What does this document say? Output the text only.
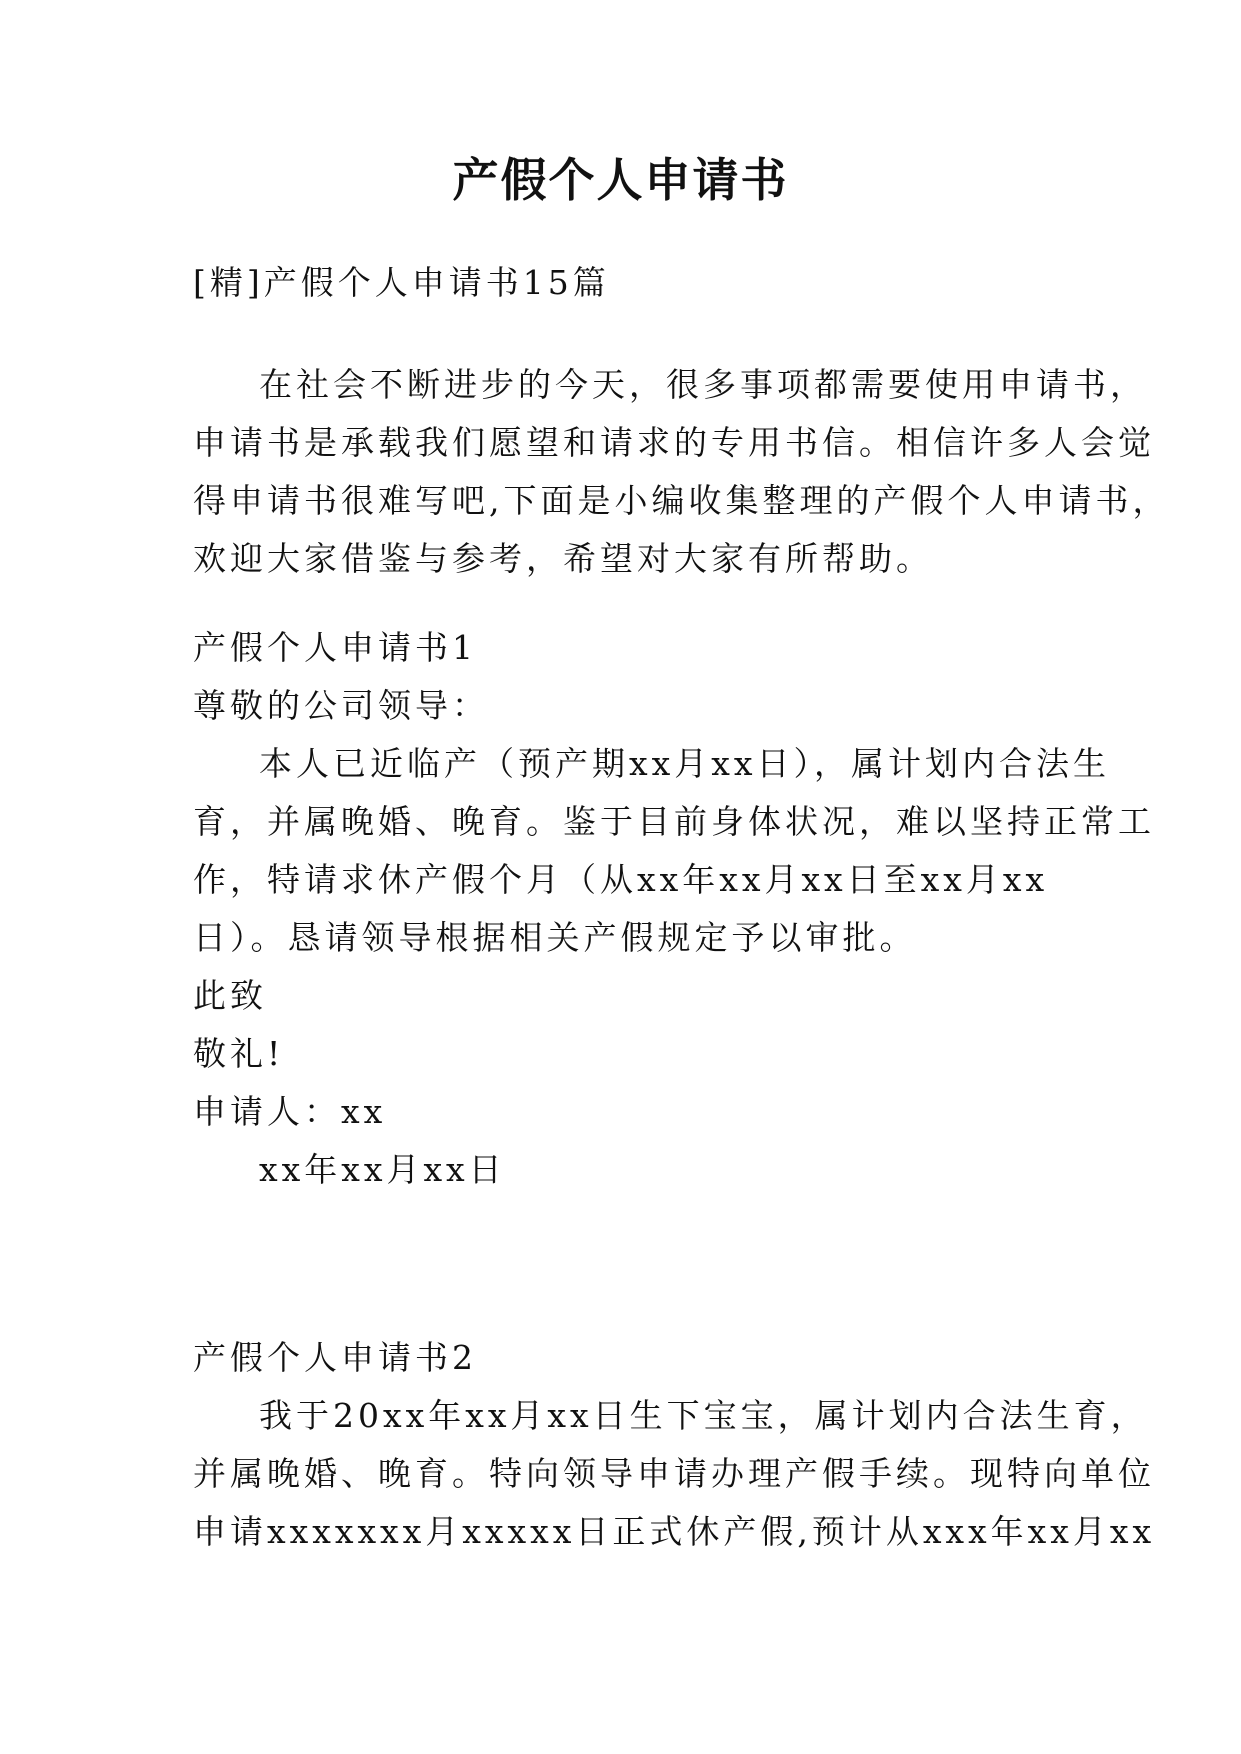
产假个人申请书
[精]产假个人申请书15篇
在社会不断进步的今天，很多事项都需要使用申请书，
申请书是承载我们愿望和请求的专用书信。相信许多人会觉
得申请书很难写吧,下面是小编收集整理的产假个人申请书，
欢迎大家借鉴与参考，希望对大家有所帮助。
产假个人申请书1
尊敬的公司领导：
本人已近临产（预产期xx月xx日），属计划内合法生
育，并属晚婚、晚育。鉴于目前身体状况，难以坚持正常工
作，特请求休产假个月（从xx年xx月xx日至xx月xx
日）。恳请领导根据相关产假规定予以审批。
此致
敬礼!
申请人：xx
xx年xx月xx日
产假个人申请书2
我于20xx年xx月xx日生下宝宝，属计划内合法生育，
并属晚婚、晚育。特向领导申请办理产假手续。现特向单位
申请xxxxxxx月xxxxx日正式休产假,预计从xxx年xx月xx
